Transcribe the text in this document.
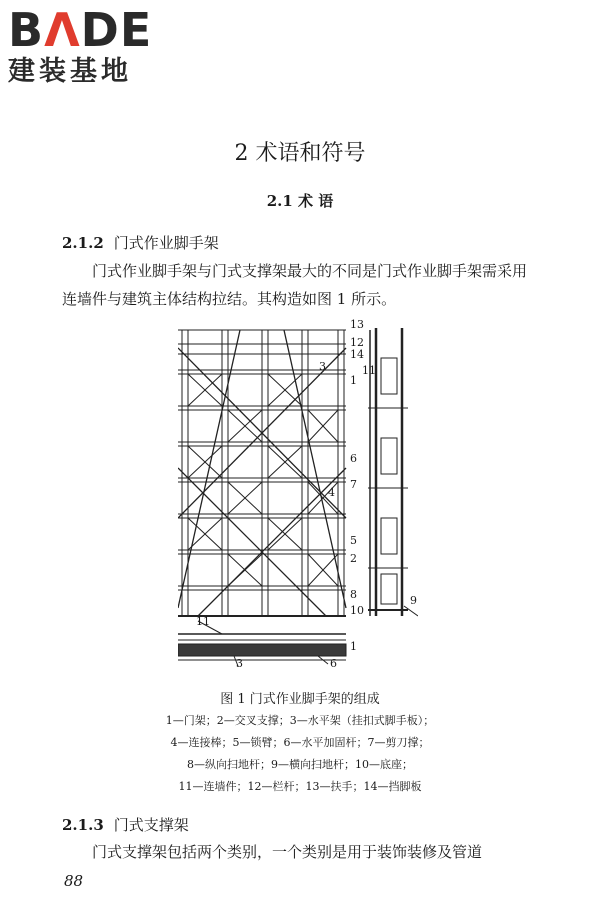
BΛDE
建装基地
2 术语和符号
2.1 术 语
2.1.2 门式作业脚手架
门式作业脚手架与门式支撑架最大的不同是门式作业脚手架需采用连墙件与建筑主体结构拉结。其构造如图 1 所示。
13
12
14
3
1
6
4
7
5
2
8
10
11
9
11
1
3	6
图 1 门式作业脚手架的组成
1—门架；2—交叉支撑；3—水平架（挂扣式脚手板）；
4—连接棒；5—锁臂；6—水平加固杆；7—剪刀撑；
8—纵向扫地杆；9—横向扫地杆；10—底座；
11—连墙件；12—栏杆；13—扶手；14—挡脚板
2.1.3 门式支撑架
门式支撑架包括两个类别，一个类别是用于装饰装修及管道
88
